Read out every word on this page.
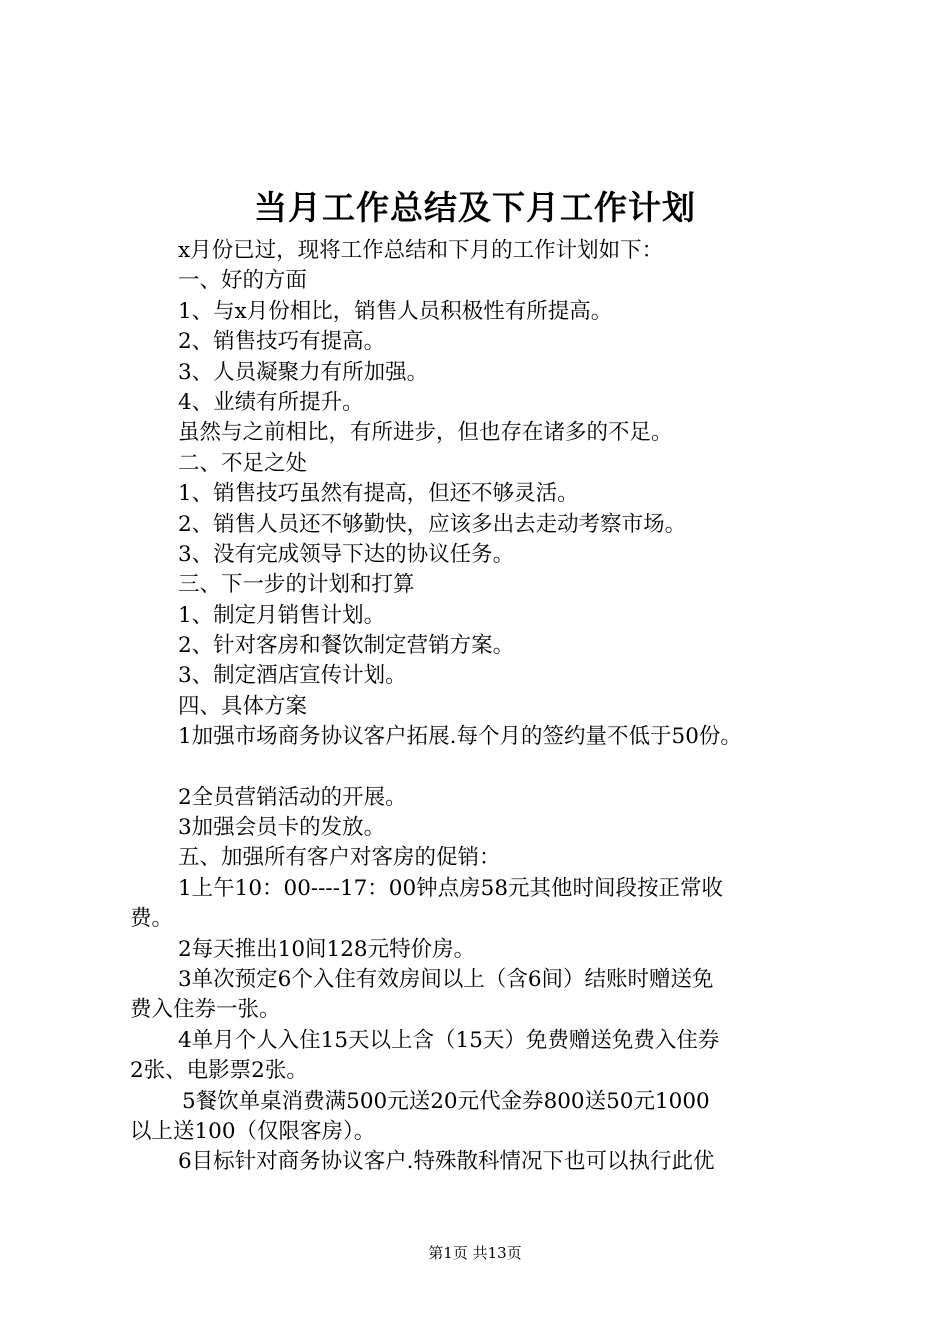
当月工作总结及下月工作计划
x月份已过，现将工作总结和下月的工作计划如下：
一、好的方面
1、与x月份相比，销售人员积极性有所提高。
2、销售技巧有提高。
3、人员凝聚力有所加强。
4、业绩有所提升。
虽然与之前相比，有所进步，但也存在诸多的不足。
二、不足之处
1、销售技巧虽然有提高，但还不够灵活。
2、销售人员还不够勤快，应该多出去走动考察市场。
3、没有完成领导下达的协议任务。
三、下一步的计划和打算
1、制定月销售计划。
2、针对客房和餐饮制定营销方案。
3、制定酒店宣传计划。
四、具体方案
1加强市场商务协议客户拓展.每个月的签约量不低于50份。
2全员营销活动的开展。
3加强会员卡的发放。
五、加强所有客户对客房的促销：
1上午10：00----17：00钟点房58元其他时间段按正常收
费。
2每天推出10间128元特价房。
3单次预定6个入住有效房间以上（含6间）结账时赠送免
费入住券一张。
4单月个人入住15天以上含（15天）免费赠送免费入住券
2张、电影票2张。
5餐饮单桌消费满500元送20元代金券800送50元1000
以上送100（仅限客房）。
6目标针对商务协议客户.特殊散科情况下也可以执行此优
第1页 共13页
